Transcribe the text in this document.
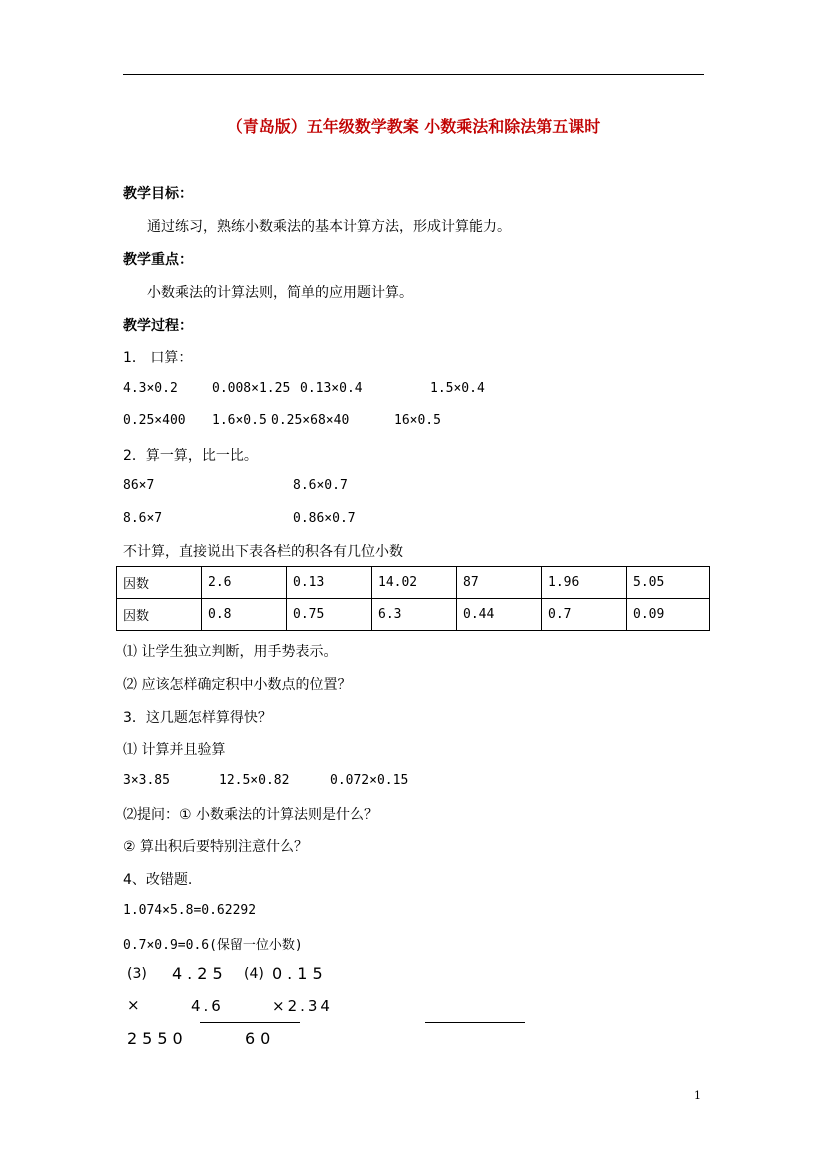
（青岛版）五年级数学教案 小数乘法和除法第五课时
教学目标：
通过练习，熟练小数乘法的基本计算方法，形成计算能力。
教学重点：
小数乘法的计算法则，简单的应用题计算。
教学过程：
1． 口算：
4.3×0.2	0.008×1.25 0.13×0.4	1.5×0.4
0.25×400 1.6×0.5 0.25×68×40	16×0.5
2．算一算，比一比。
86×7	8.6×0.7
8.6×7	0.86×0.7
不计算，直接说出下表各栏的积各有几位小数
因数	2.6	0.13	14.02	87	1.96	5.05
因数	0.8	0.75	6.3	0.44	0.7	0.09
⑴ 让学生独立判断，用手势表示。
⑵ 应该怎样确定积中小数点的位置？
3．这几题怎样算得快？
⑴ 计算并且验算
3×3.85	12.5×0.82	0.072×0.15
⑵提问：① 小数乘法的计算法则是什么？
② 算出积后要特别注意什么？
4、改错题.
1.074×5.8=0.62292
0.7×0.9=0.6(保留一位小数)
(3) 4.25 (4) 0.15
×	4.6	×2.34
2550	60
1
